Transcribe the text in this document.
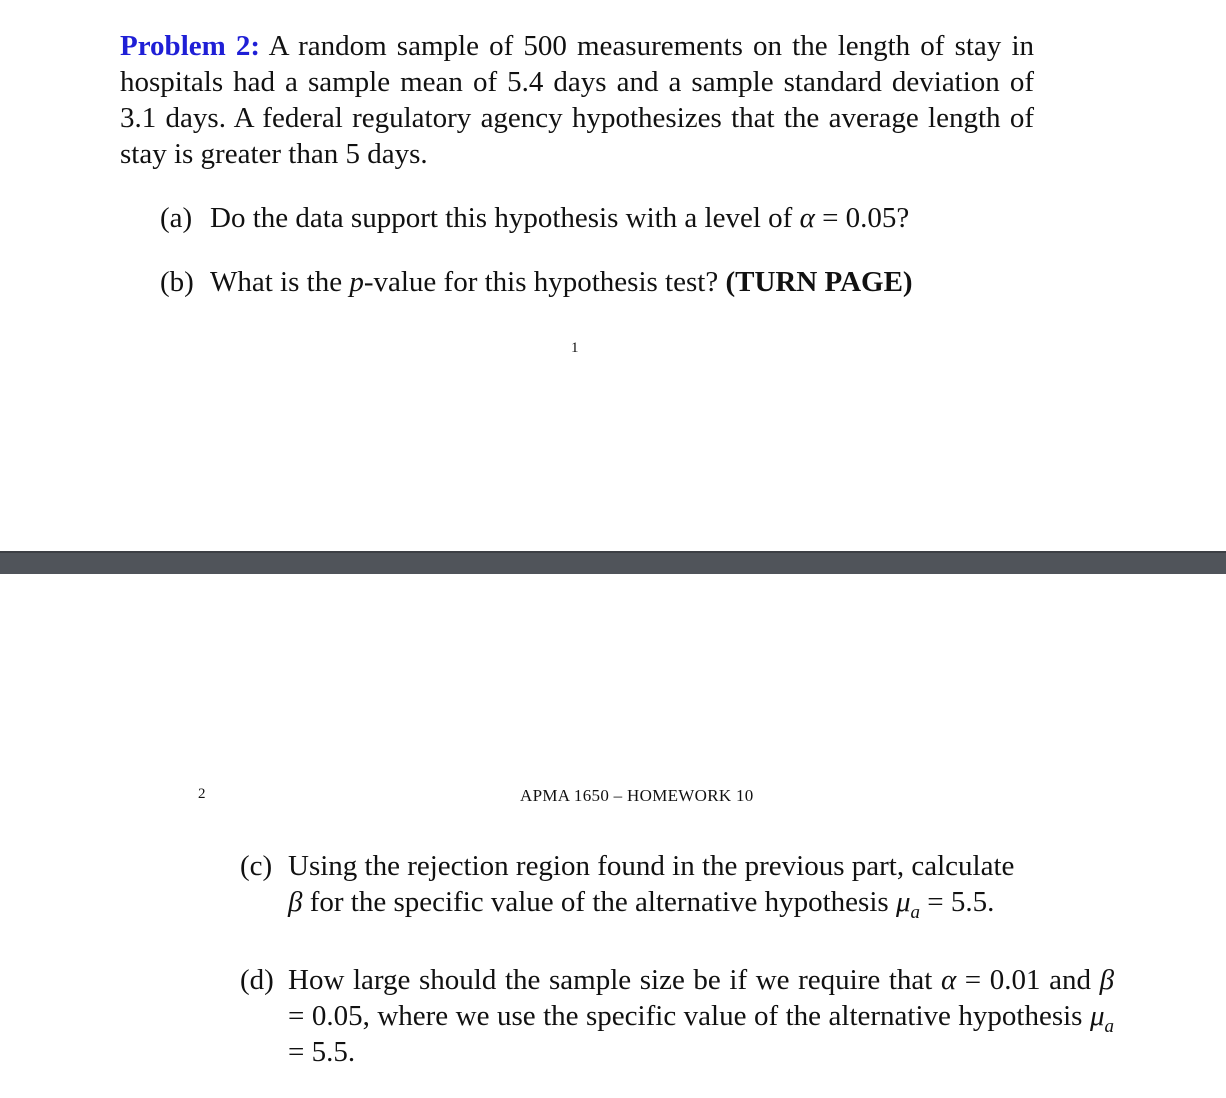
Problem 2: A random sample of 500 measurements on the length of stay in hospitals had a sample mean of 5.4 days and a sample standard deviation of 3.1 days. A federal regulatory agency hypothesizes that the average length of stay is greater than 5 days.
(a) Do the data support this hypothesis with a level of α = 0.05?
(b) What is the p-value for this hypothesis test? (TURN PAGE)
1
2	APMA 1650 – HOMEWORK 10
(c) Using the rejection region found in the previous part, calculate
β for the specific value of the alternative hypothesis $\mu_a = 5.5$.
(d) How large should the sample size be if we require that α = 0.01 and β = 0.05, where we use the specific value of the alternative hypothesis $\mu_a = 5.5$.
